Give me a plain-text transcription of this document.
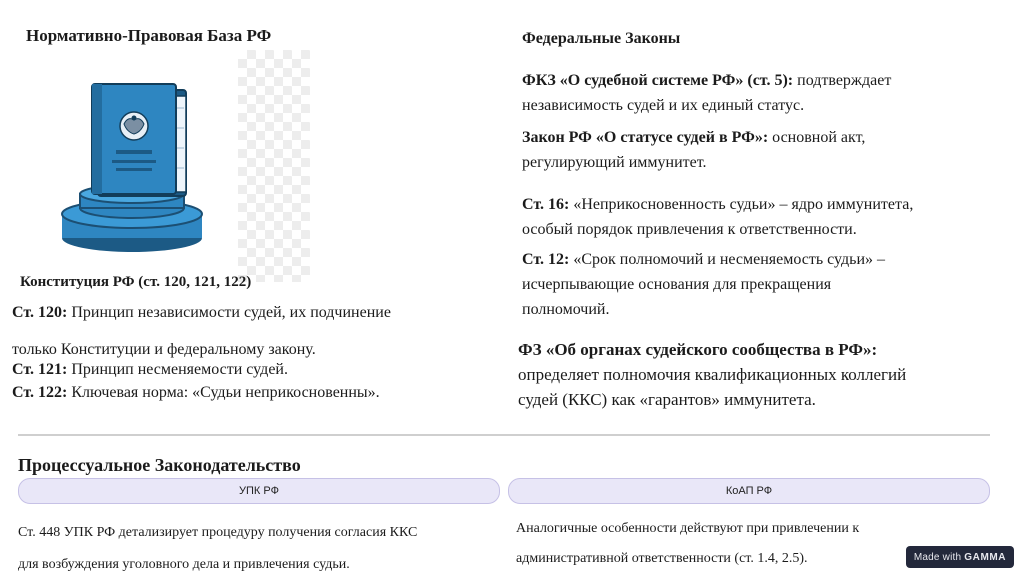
Нормативно-Правовая База РФ
Конституция РФ (ст. 120, 121, 122)
Ст. 120: Принцип независимости судей, их подчинение
только Конституции и федеральному закону.
Ст. 121: Принцип несменяемости судей.
Ст. 122: Ключевая норма: «Судьи неприкосновенны».
Федеральные Законы
ФКЗ «О судебной системе РФ» (ст. 5): подтверждает
независимость судей и их единый статус.
Закон РФ «О статусе судей в РФ»: основной акт,
регулирующий иммунитет.
Ст. 16: «Неприкосновенность судьи» – ядро иммунитета,
особый порядок привлечения к ответственности.
Ст. 12: «Срок полномочий и несменяемость судьи» –
исчерпывающие основания для прекращения
полномочий.
ФЗ «Об органах судейского сообщества в РФ»:
определяет полномочия квалификационных коллегий
судей (ККС) как «гарантов» иммунитета.
Процессуальное Законодательство
УПК РФ	КоАП РФ
Ст. 448 УПК РФ детализирует процедуру получения согласия ККС
для возбуждения уголовного дела и привлечения судьи.
Аналогичные особенности действуют при привлечении к
административной ответственности (ст. 1.4, 2.5).	Made with GAMMA
